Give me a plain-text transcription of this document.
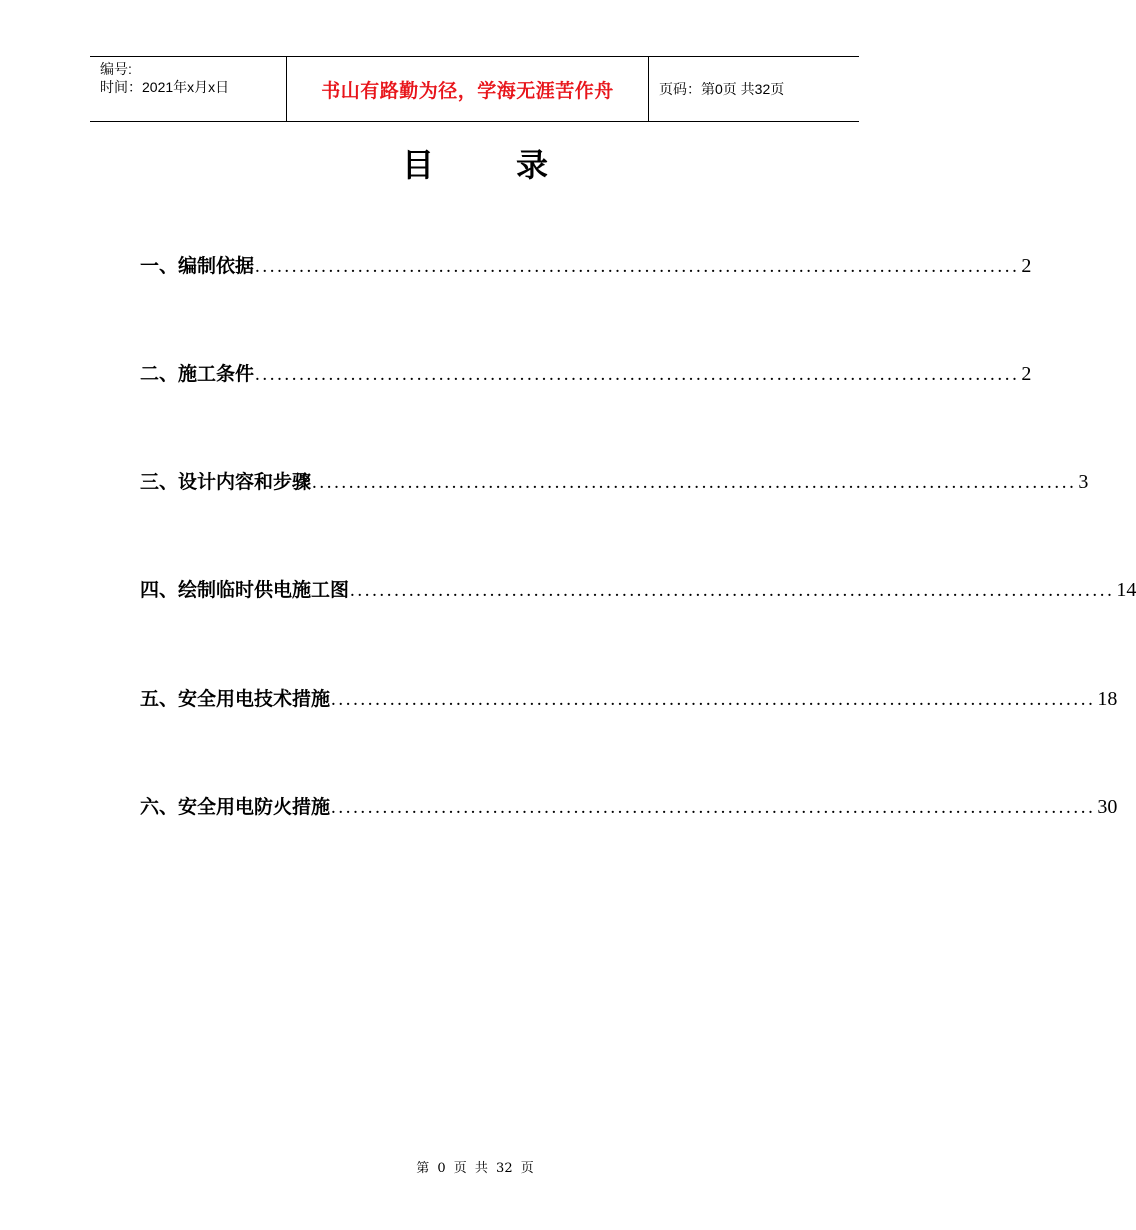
编号:
时间：2021年x月x日	书山有路勤为径，学海无涯苦作舟	页码：第0页 共32页
目	录
一、编制依据 ........................................................................................................ 2
二、施工条件 ........................................................................................................ 2
三、设计内容和步骤 ........................................................................................................ 3
四、绘制临时供电施工图 ........................................................................................................ 14
五、安全用电技术措施 ........................................................................................................ 18
六、安全用电防火措施 ........................................................................................................ 30
第 0 页 共 32 页
